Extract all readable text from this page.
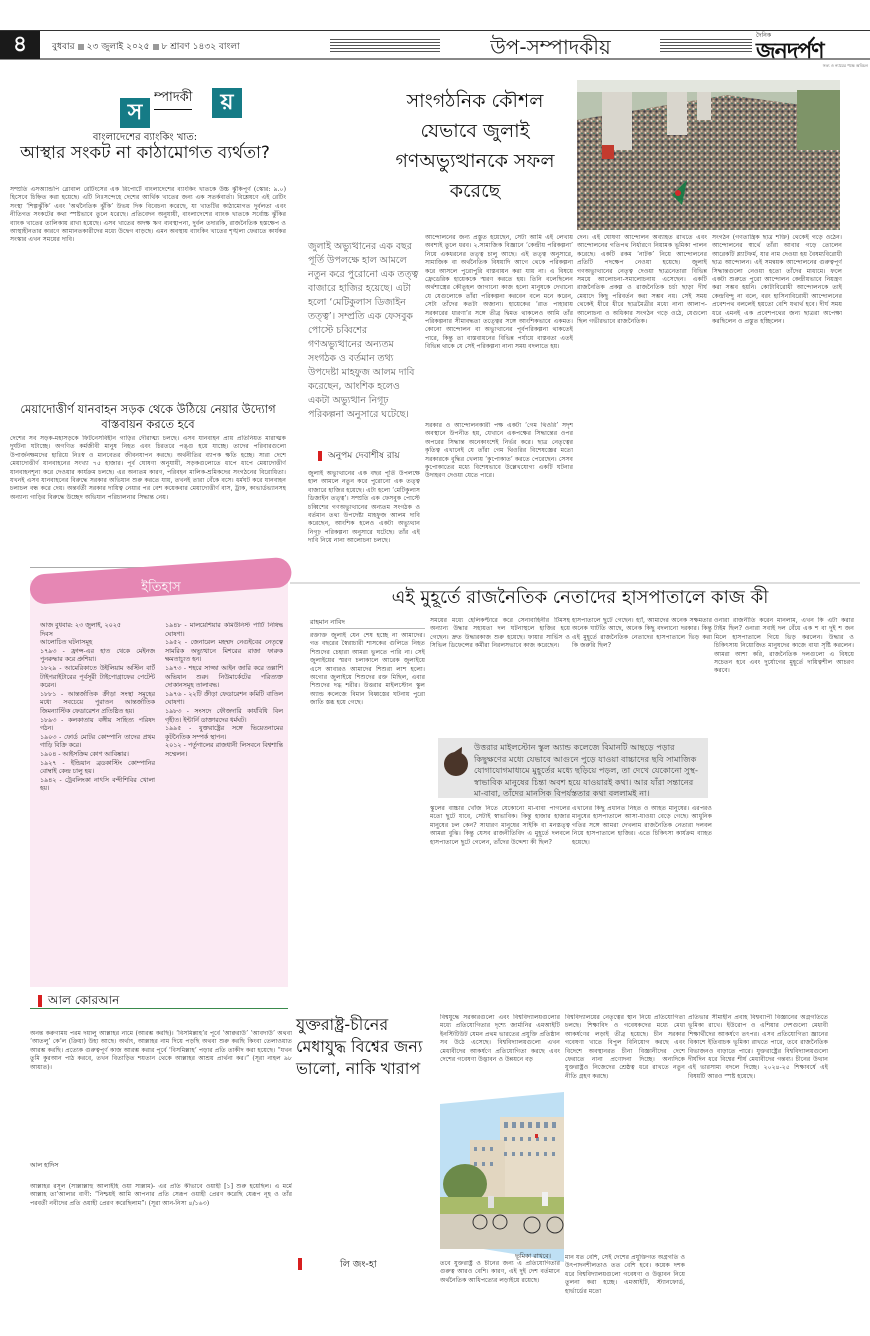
৪	বুধবার ২৩ জুলাই ২০২৫ ৮ শ্রাবণ ১৪৩২ বাংলা	উপ-সম্পাদকীয়	দৈনিক
জনদর্পণ
সত্য ও ন্যায়ের পক্ষে অবিচল
স
ম্পাদকী	য়
বাংলাদেশের ব্যাংকিং খাত:
আস্থার সংকট না কাঠামোগত ব্যর্থতা?
সম্প্রতি এসঅ্যান্ডপি গ্লোবাল রেটিংসের এক রিপোর্টে বাংলাদেশের ব্যাংকিং খাতকে উচ্চ ঝুঁকিপূর্ণ (স্কোর: ৯.০) হিসেবে চিহ্নিত করা হয়েছে। এটি নিঃসন্দেহে দেশের আর্থিক খাতের জন্য এক সতর্কবার্তা। বিশ্লেষণে এই রেটিং সংস্থা ‘শিল্পঝুঁকি’ এবং ‘অর্থনৈতিক ঝুঁকি’ উভয় দিক বিবেচনা করেছে, যা খাতটির কাঠামোগত দুর্বলতা এবং নীতিগত সংকটের কথা স্পষ্টভাবে তুলে ধরেছে। প্রতিবেদন অনুযায়ী, বাংলাদেশের ব্যাংক খাতকে সর্বোচ্চ ঝুঁকির ব্যাংক খাতের তালিকায় রাখা হয়েছে। এসব খাতের অদক্ষ ঋণ ব্যবস্থাপনা, দুর্বল তদারকি, রাজনৈতিক হস্তক্ষেপ ও আস্থাহীনতার কারণে আমানতকারীদের মধ্যে উদ্বেগ বাড়ছে। এমন অবস্থায় ব্যাংকিং খাতের শৃঙ্খলা ফেরাতে কার্যকর সংস্কার এখন সময়ের দাবি।
মেয়াদোত্তীর্ণ যানবাহন সড়ক থেকে উঠিয়ে নেয়ার উদ্যোগ বাস্তবায়ন করতে হবে
দেশের সব সড়ক-মহাসড়কে ফিটনেসবিহীন গাড়ির দৌরাত্ম্য চলছে। এসব যানবাহন প্রায় প্রতিনিয়ত মারাত্মক দুর্ঘটনা ঘটাচ্ছে। অগণিত কর্মজীবী মানুষ নিহত এবং চিরতরে পঙ্গু হয়ে যাচ্ছে। তাদের পরিবারগুলো উপার্জনক্ষমদের হারিয়ে নিঃস্ব ও মানবেতর জীবনযাপন করছে। অর্থনীতির ব্যাপক ক্ষতি হচ্ছে। সারা দেশে মেয়াদোত্তীর্ণ যানবাহনের সংখ্যা ৭৫ হাজার। পূর্ব ঘোষণা অনুযায়ী, সড়কগুলোতে ধাপে ধাপে মেয়াদোত্তীর্ণ যানবাহনশূন্য করে দেওয়ার কার্যক্রম চলছে। এর অন্যতম কারণ, পরিবহন মালিক-শ্রমিকদের সংগঠনের বিরোধিতা। যখনই এসব যানবাহনের বিরুদ্ধে সরকার অভিযান শুরু করতে যায়, তখনই তারা বেঁকে বসে। ধর্মঘট করে যানবাহন চলাচল বন্ধ করে দেয়। অন্তর্বর্তী সরকার দায়িত্ব নেয়ার পর বেশ কয়েকবার মেয়াদোত্তীর্ণ বাস, ট্রাক, কাভার্ডভ্যানসহ অন্যান্য গাড়ির বিরুদ্ধে উচ্ছেদ অভিযান পরিচালনার সিদ্ধান্ত নেয়।
সাংগঠনিক কৌশল যেভাবে জুলাই গণঅভ্যুত্থানকে সফল করেছে
জুলাই অভ্যুত্থানের এক বছর পূর্তি উপলক্ষে হাল আমলে নতুন করে পুরোনো এক তত্ত্ব বাজারে হাজির হয়েছে। এটা হলো ‘মেটিকুলাস ডিজাইন তত্ত্ব’। সম্প্রতি এক ফেসবুক পোস্টে চব্বিশের গণঅভ্যুত্থানের অন্যতম সংগঠক ও বর্তমান তথ্য উপদেষ্টা মাহফুজ আলম দাবি করেছেন, আংশিক হলেও একটা অভ্যুত্থান নিগূঢ় পরিকল্পনা অনুসারে ঘটেছে।
অনুপম দেবাশীষ রায়
জুলাই অভ্যুত্থানের এক বছর পূর্তি উপলক্ষে হাল আমলে নতুন করে পুরোনো এক তত্ত্ব বাজারে হাজির হয়েছে। এটা হলো ‘মেটিকুলাস ডিজাইন তত্ত্ব’। সম্প্রতি এক ফেসবুক পোস্টে চব্বিশের গণঅভ্যুত্থানের অন্যতম সংগঠক ও বর্তমান তথ্য উপদেষ্টা মাহফুজ আলম দাবি করেছেন, আংশিক হলেও একটা অভ্যুত্থান নিগূঢ় পরিকল্পনা অনুসারে ঘটেছে। তাঁর এই দাবি নিয়ে নানা আলোচনা চলছে।
আন্দোলনের জন্য প্রস্তুত হয়েছেন, সেটা আমি এই লেখায় অবশ্যই তুলে ধরব। ২.সামাজিক বিজ্ঞানে ‘কেন্দ্রীয় পরিকল্পনা’ নিয়ে একধরনের তত্ত্ব চালু আছে। এই তত্ত্ব অনুসারে, সামাজিক বা অর্থনৈতিক বিষয়াদি আগে থেকে পরিকল্পনা করে আসলে পুরোপুরি বাস্তবায়ন করা যায় না। এ বিষয়ে ফ্রেডেরিক হায়েককে স্মরণ করতে হয়। তিনি বলেছিলেন অর্থশাস্ত্রের কৌতূহল জাগানো কাজ হলো মানুষকে দেখানো যে যেগুলোকে তাঁরা পরিকল্পনা করবেন বলে মনে করেন, সেটা তাঁদের কতটা অজানা। হায়েকের ‘রাত পাহারায় সরকারের ধারণা’র সঙ্গে তীব্র দ্বিমত থাকলেও আমি তাঁর পরিকল্পনার সীমাবদ্ধতা তত্ত্বের সঙ্গে আংশিকভাবে একমত। কোনো আন্দোলন বা অভ্যুত্থানের পূর্বপরিকল্পনা থাকতেই পারে, কিন্তু তা বাস্তবায়নের বিভিন্ন পর্যায়ে বাস্তবতা এতই বিভিন্ন থাকে যে সেই পরিকল্পনা নানা সময় বদলাতে হয়।
সরকার ও আন্দোলনকারী পক্ষ একটা ‘গেম থিওরি’ সদৃশ অবস্থানে উপনীত হয়, যেখানে একপক্ষের সিদ্ধান্তের ওপর অপরের সিদ্ধান্ত অনেকাংশেই নির্ভর করে। ছাত্র নেতৃত্বের কৃতিত্ব এখানেই যে তাঁরা গেম থিওরির বিশেষজ্ঞের মতো সরকারকে বুদ্ধির খেলায় ‘কুপোকাত’ করতে পেরেছেন। সেসব কুপোকাতের মধ্যে বিশেষভাবে উল্লেখযোগ্য একটি ঘটনার উদাহরণ দেওয়া যেতে পারে।
দেন। এই ঘোষণা আন্দোলন অব্যাহত রাখতে এবং আন্দোলনের গতিপথ নির্ধারণে নিয়ামক ভূমিকা পালন করেছে। একটি রকম ‘নাটক’ নিয়ে আন্দোলনের প্রতিটি পদক্ষেপ নেওয়া হয়েছে। জুলাই গণঅভ্যুত্থানের নেতৃত্ব দেওয়া ছাত্রনেতারা বিভিন্ন সময়ে আলোচনা-সমালোচনায় এসেছেন। একটি রাজনৈতিক প্রকল্প ও রাজনৈতিক চর্চা ছাড়া দীর্ঘ মেয়াদে কিছু পরিবর্তন করা সম্ভব নয়। সেই সময় থেকেই ধীরে ধীরে ছাত্রমৈত্রীর মধ্যে নানা আলাপ-আলোচনা ও অধিকার সংগঠন গড়ে ওঠে, যেগুলো ছিল গভীরভাবে রাজনৈতিক।
সংগঠন (গণতান্ত্রিক ছাত্র শক্তি) থেকেই গড়ে ওঠেন। আন্দোলনের স্বার্থে তাঁরা আবার গড়ে তোলেন আরেকটি প্ল্যাটফর্ম, যার নাম দেওয়া হয় বৈষম্যবিরোধী ছাত্র আন্দোলন। এই সমন্বয়ক আন্দোলনের গুরুত্বপূর্ণ সিদ্ধান্তগুলো নেওয়া হতো তাঁদের মাধ্যমে। ফলে একটা শুরুতে পুরো আন্দোলন কেন্দ্রীয়ভাবে নিয়ন্ত্রণ করা সম্ভব হয়নি। কোটাবিরোধী আন্দোলনকে তাই কেন্দ্রবিন্দু না বলে, বরং হাসিনাবিরোধী আন্দোলনের প্রবেশপথ বললেই হয়তো বেশি যথার্থ হবে। দীর্ঘ সময় ধরে এমনই এক প্রবেশপথের জন্য ছাত্ররা অপেক্ষা করছিলেন ও প্রস্তুত হচ্ছিলেন।
ইতিহাস
আজ বুধবার: ২৩ জুলাই, ২০২৫
দিবস
আলোচিত ঘটনাসমূহ
১৭৯৩ - ফ্রান্স-এর হাত থেকে মেইনজ পুনরুদ্ধার করে প্রুশিয়া।
১৮২৯ - আমেরিকাতে উইলিয়াম অস্টিন বার্ট টাইপরাইটারের পূর্বসূরী টাইপোগ্রাফের পেটেন্ট করেন।
১৮৮১ - আন্তর্জাতিক ক্রীড়া সংস্থা সমূহের মধ্যে সবচেয়ে পুরাতন আন্তর্জাতিক জিমন্যাস্টিক ফেডারেশন প্রতিষ্ঠিত হয়।
১৮৯৩ - কলকাতায় বঙ্গীয় সাহিত্য পরিষদ গঠন।
১৯০৩ - ফোর্ড মোটর কোম্পানি তাদের প্রথম গাড়ি বিক্রি করে।
১৯০৪ - আইসক্রিম কোণ আবিষ্কার।
১৯২৭ - ইন্ডিয়ান ব্রডকাস্টিং কোম্পানির বোম্বাই কেন্দ্র চালু হয়।
১৯৪২ - ট্রেবলিংকা নাৎসি বন্দীশিবির খোলা হয়।
১৯৪৮ - মালয়েশিয়ার কমিউনিস্ট পার্টি নিষিদ্ধ ঘোষণা।
১৯৫২ - জেনারেল মহম্মদ নেগুইবের নেতৃত্বে সামরিক অভ্যুত্থানে মিশরের রাজা ফারুক ক্ষমতাচ্যুত হন।
১৯৭৩ - শহরে সাজ্জা আইন জারি করে তল্লাশি অভিযান শুরু। নিউমার্কেটের পরিত্যক্ত দোকানসমূহ তালাবদ্ধ।
১৯৭৬ - ২২টি ক্রীড়া ফেডারেশন কমিটি বাতিল ঘোষণা।
১৯৮৩ - সংসদে ফৌজদারি কার্যবিধি বিল গৃহীত। ইন্টার্নি ডাক্তারদের ধর্মঘট।
১৯৯৫ - যুক্তরাষ্ট্রের সঙ্গে ভিয়েতনামের কূটনৈতিক সম্পর্ক স্থাপন।
২০১২ - পর্তুগালের রাজধানী লিসবনে বিশ্বশান্তি সম্মেলন।
এই মুহূর্তে রাজনৈতিক নেতাদের হাসপাতালে কাজ কী
রাহমান নাবিদ
রক্তাক্ত জুলাই যেন শেষ হচ্ছে না আমাদের। গত বছরের স্বৈরাচারী শাসকের গুলিতে নিহত শিশুদের চেহারা আমরা ভুলতে পারি না। সেই জুলাইয়ের স্মরণ চলাকালে আরেক জুলাইয়ে এসে আবারও আমাদের শিশুরা লাশ হলো। অগোর জুলাইয়ে শিশুদের রক্ত মিছিল, এবার শিশুদের দগ্ধ শরীর। উত্তরার মাইলস্টোন স্কুল অ্যান্ড কলেজে বিমান বিধ্বস্তের ঘটনায় পুরো জাতি স্তব্ধ হয়ে গেছে।
সময়ের মধ্যে হেলিকপ্টারে করে সেনাবাহিনীর টিমসহ অন্যান্য উদ্ধার সহায়তা দল ঘটনাস্থলে হাজির হয়ে গেছেন। দ্রুত উদ্ধারকাজ শুরু হয়েছে। ফায়ার সার্ভিস ও সিভিল ডিফেন্সের কর্মীরা নিরলসভাবে কাজ করেছেন।
হাসপাতালে ছুটে গেছেন। হ্যাঁ, আমাদের অনেক সক্ষমতার অনেক ঘাটতি আছে, অনেক কিছু বদলানো দরকার। কিন্তু এই মুহূর্তে রাজনৈতিক নেতাদের হাসপাতালে ভিড় করা কি জরুরি ছিল?
ওনারা রাজনীতি করেন মানলাম, এখন কি এটা করার টাইম ছিল? ওনারা সবাই দল বেঁধে এক শ বা দুই শ জন মিলে হাসপাতালে গিয়ে ভিড় করলেন। উদ্ধার ও চিকিৎসায় নিয়োজিত মানুষদের কাজে বাধা সৃষ্টি করলেন। আমরা আশা করি, রাজনৈতিক দলগুলো এ বিষয়ে সচেতন হবে এবং দুর্যোগের মুহূর্তে দায়িত্বশীল আচরণ করবে।
উত্তরার মাইলস্টোন স্কুল অ্যান্ড কলেজে বিমানটি আছড়ে পড়ার কিছুক্ষণের মধ্যে যেভাবে আগুনে পুড়ে যাওয়া বাচ্চাদের ছবি সামাজিক যোগাযোগমাধ্যমে মুহূর্তের মধ্যে ছড়িয়ে পড়ল, তা দেখে যেকোনো সুস্থ-স্বাভাবিক মানুষের চিন্তা অবশ হয়ে যাওয়ারই কথা। আর যাঁরা সন্তানের মা-বাবা, তাঁদের মানসিক বিপর্যস্ততার কথা বললামই না।
স্কুলের বাচ্চার খোঁজ নিতে যেকোনো মা-বাবা পাগলের মতো ছুটে যাবে, সেটাই স্বাভাবিক। কিন্তু হাজার হাজার মানুষের ঢল কেন? সাধারণ মানুষের সাইকি বা মনস্তত্ত্ব আমরা বুঝি। কিন্তু যেসব রাজনীতিবিদ এ মুহূর্তে দলবলে হাসপাতালে ছুটে গেলেন, তাঁদের উদ্দেশ্য কী ছিল?
এখানের কিছু প্রধানত নিহত ও আহত মানুষের। এরপরও মানুষের হাসপাতালে আসা-যাওয়া বেড়ে গেছে। আধুনিক গতির সঙ্গে আমরা দেখলাম রাজনৈতিক নেতারা দলবল নিয়ে হাসপাতালে হাজির। এতে চিকিৎসা কার্যক্রম ব্যাহত হয়েছে।
আল কোরআন
অনন্ত করুণাময় পরম দয়ালু আল্লাহর নামে (আরম্ভ করছি)। ‘বিসমিল্লাহ’র পূর্বে ‘আক্বরাউ’ ‘আবদাউ’ অথবা ‘আতলু’ কে’ল (ক্রিয়া) উহ্য আছে। অর্থাৎ, আল্লাহর নাম দিয়ে পড়ছি অথবা শুরু করছি কিংবা তেলাওয়াত আরম্ভ করছি। প্রত্যেক গুরুত্বপূর্ণ কাজ আরম্ভ করার পূর্বে ‘বিসমিল্লাহ’ পড়ার প্রতি তাকীদ করা হয়েছে। “যখন তুমি কুরআন পাঠ করবে, তখন বিতাড়িত শয়তান থেকে আল্লাহর আশ্রয় প্রার্থনা কর।” (সূরা নাহল ৯৮ আয়াত)।
আল হাদিস
আল্লাহর রসূল (সাল্লাল্লাহু আলাইহি ওয়া সাল্লাম)- এর প্রতি কীভাবে ওয়াহী [১] শুরু হয়েছিল। এ মর্মে আল্লাহ তা’আলার বাণী: “নিশ্চয়ই আমি আপনার প্রতি সেরূপ ওয়াহী প্রেরণ করেছি যেরূপ নূহ ও তাঁর পরবর্তী নবীদের প্রতি ওয়াহী প্রেরণ করেছিলাম”। (সূরা আন-নিসা ৪/১৬৩)
যুক্তরাষ্ট্র-চীনের মেধাযুদ্ধ বিশ্বের জন্য ভালো, নাকি খারাপ
বিশ্বযুদ্ধে সরকারগুলো এবং বিশ্ববিদ্যালয়গুলোর মধ্যে প্রতিযোগিতার দৃশ্যে জার্মানির এমআইটি ইনস্টিটিউট যেমন প্রথম ভারতের প্রযুক্তি প্রতিষ্ঠান সব উঠে এসেছে। বিশ্ববিদ্যালয়গুলো এখন মেধাবীদের আকর্ষণে প্রতিযোগিতা করছে এবং দেশের গবেষণা উদ্ভাবন ও উন্নয়নে বড়
ভূমিকা রাখবে।
তবে যুক্তরাষ্ট্র ও চীনের জন্য এ প্রতিযোগিতার গুরুত্ব আরও বেশি। কারণ, এই দুই দেশ বর্তমানে অর্থনৈতিক আধিপত্যের লড়াইয়ে রয়েছে।
বিশ্ববিদ্যালয়ের নেতৃত্বের স্থান নিয়ে প্রতিযোগিতা চলছে। শিক্ষাবিদ ও গবেষকদের মধ্যে মেধা আকর্ষণের লড়াই তীব্র হয়েছে। চীন সরকার গবেষণা খাতে বিপুল বিনিয়োগ করছে এবং বিদেশে অবস্থানরত চীনা বিজ্ঞানীদের দেশে ফেরাতে নানা প্রণোদনা দিচ্ছে। অন্যদিকে যুক্তরাষ্ট্রও নিজেদের শ্রেষ্ঠত্ব ধরে রাখতে নতুন নীতি গ্রহণ করছে।
মান যত বেশি, সেই দেশের প্রযুক্তিগত অগ্রগতি ও উৎপাদনশীলতাও তত বেশি হবে। কয়েক দশক ধরে বিশ্ববিদ্যালয়গুলো গবেষণা ও উদ্ভাবন নিয়ে তুলনা করা হচ্ছে। এমআইটি, স্ট্যানফোর্ড, হার্ভার্ডের মতো
প্রতিভার সীমাহীন প্রবাহ বিশ্বব্যাপী বিজ্ঞানের অগ্রগতিতে ভূমিকা রাখে। ইউরোপ ও এশিয়ার দেশগুলো মেধাবী শিক্ষার্থীদের আকর্ষণে তৎপর। এসব প্রতিযোগিতা জ্ঞানের বিকাশে ইতিবাচক ভূমিকা রাখতে পারে, তবে রাজনৈতিক বিভাজনও বাড়াতে পারে। যুক্তরাষ্ট্রের বিশ্ববিদ্যালয়গুলো দীর্ঘদিন ধরে বিশ্বের শীর্ষ মেধাবীদের গন্তব্য। চীনের উত্থান এই ভারসাম্য বদলে দিচ্ছে। ২০২৪-২৫ শিক্ষাবর্ষে এই বিষয়টি আরও স্পষ্ট হয়েছে।
লি জং-হা
